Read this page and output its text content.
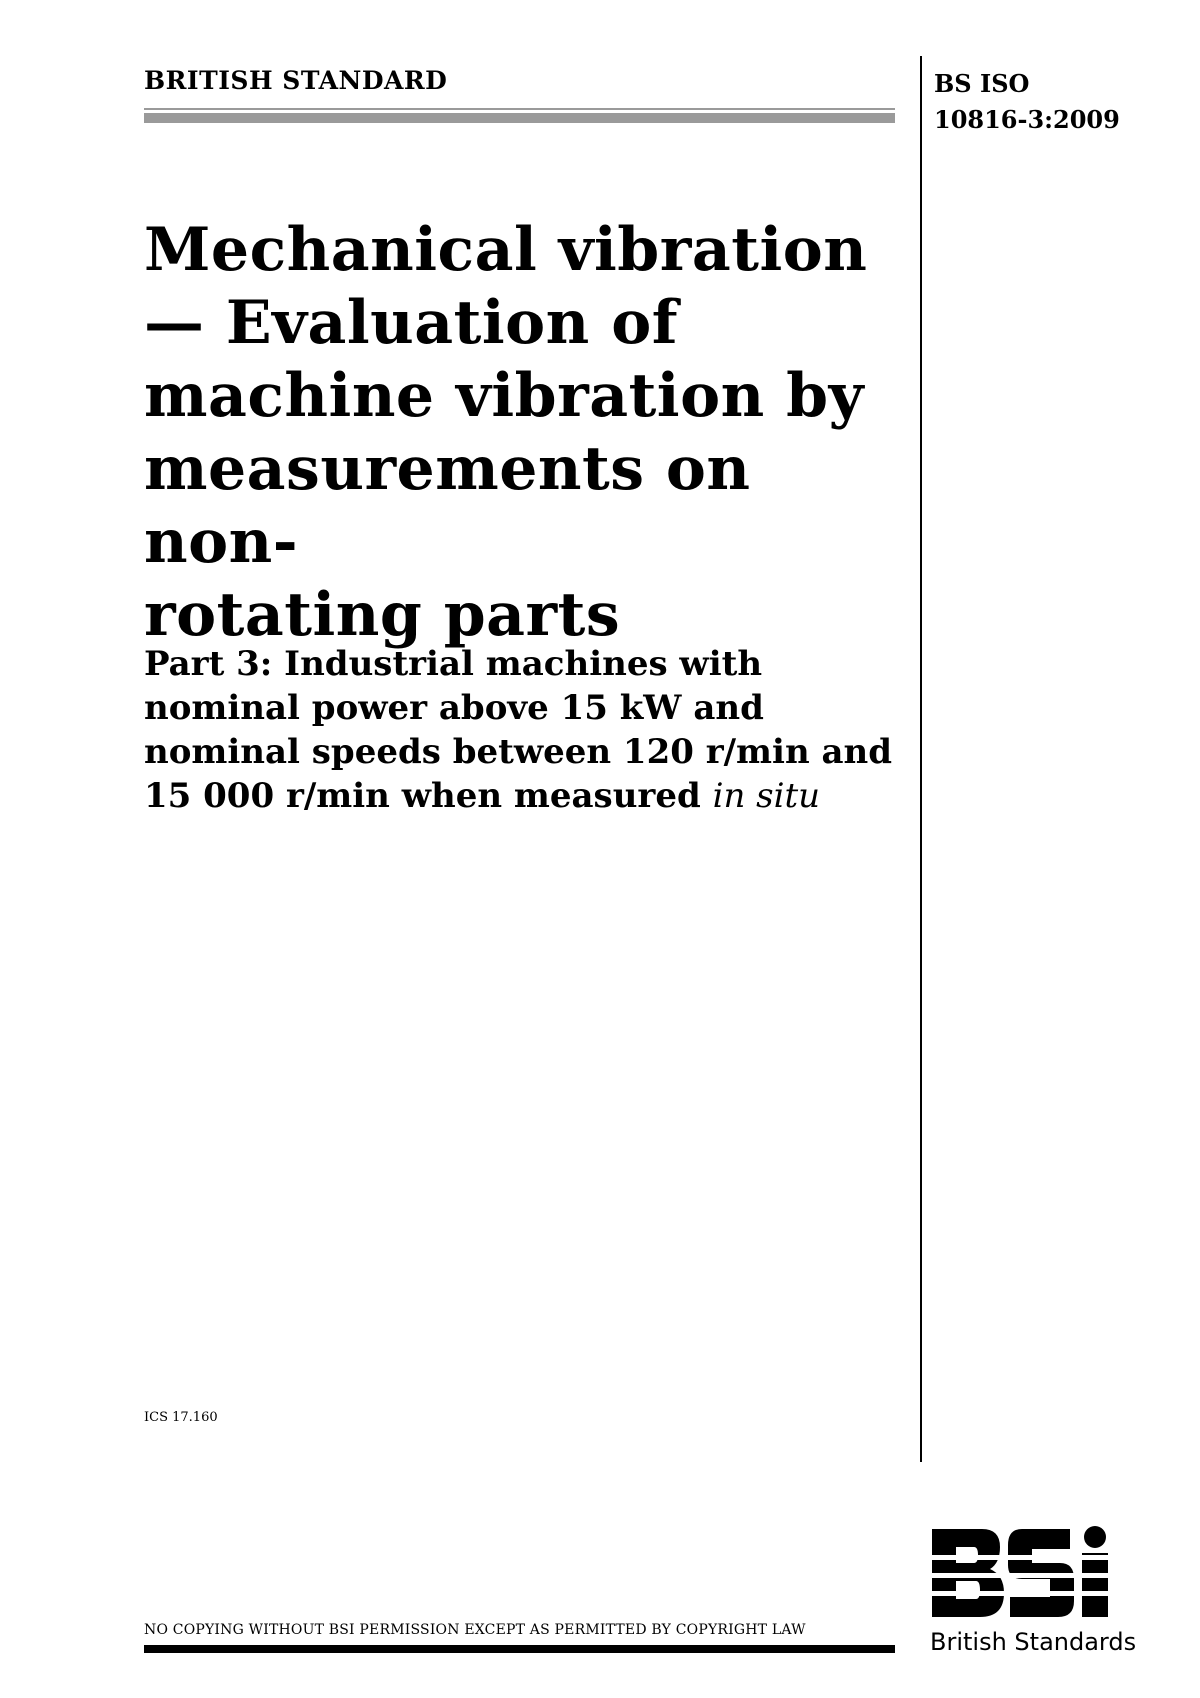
BRITISH STANDARD	BS ISO
10816-3:2009
Mechanical vibration
— Evaluation of
machine vibration by
measurements on non-
rotating parts
Part 3: Industrial machines with
nominal power above 15 kW and
nominal speeds between 120 r/min and
15 000 r/min when measured in situ
ICS 17.160
British Standards
NO COPYING WITHOUT BSI PERMISSION EXCEPT AS PERMITTED BY COPYRIGHT LAW
